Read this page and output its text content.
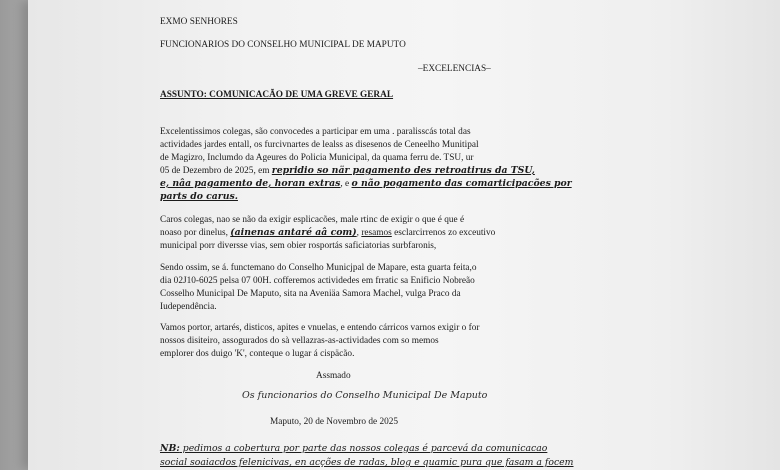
EXMO SENHORES
FUNCIONARIOS DO CONSELHO MUNICIPAL DE MAPUTO
–EXCELENCIAS–
ASSUNTO: COMUNICACÃO DE UMA GREVE GERAL
Excelentissimos colegas, são convocedes a participar em uma . paralisscás total das
actividades jardes entall, os furcivnartes de lealss as disesenos de Ceneelho Munitipal
de Magizro, Inclumdo da Ageures do Policia Municipal, da quama ferru de. TSU, ur
05 de Dezembro de 2025, em repridio so när pagamento des retroatirus da TSU,
e, nâa pagamento de, horan extras, e o não pogamento das comarticipacões por
parts do carus.
Caros colegas, nao se não da exigir esplicacões, male rtinc de exigir o que é que é
noaso por dinelus, (ainenas antaré aâ com), resamos esclarcirrenos zo exceutivo
municipal porr diversse vias, sem obier rosportás saficiatorias surbfaronis,
Sendo ossim, se á. functemano do Conselho Municjpal de Mapare, esta guarta feita,o
dia 02J10-6025 pelsa 07 00H. cofferemos actividedes em frratic sa Enificio Nobreão
Cosselho Municipal De Maputo, sita na Aveniäa Samora Machel, vulga Praco da
Iudependência.
Vamos portor, artarés, disticos, apites e vnuelas, e entendo cárricos varnos exigir o for
nossos disiteiro, assogurados do sà vellazras-as-actividades com so memos
emplorer dos duigo 'K', conteque o lugar á cispäcão.
Assmado
Os funcionarios do Conselho Municipal De Maputo
Maputo, 20 de Novembro de 2025
NB: pedimos a cobertura por parte das nossos colegas é parcevá da comunicacao
social soaiacdos felenicivas, en acções de radas, blog e quamic pura que fasam a focem
